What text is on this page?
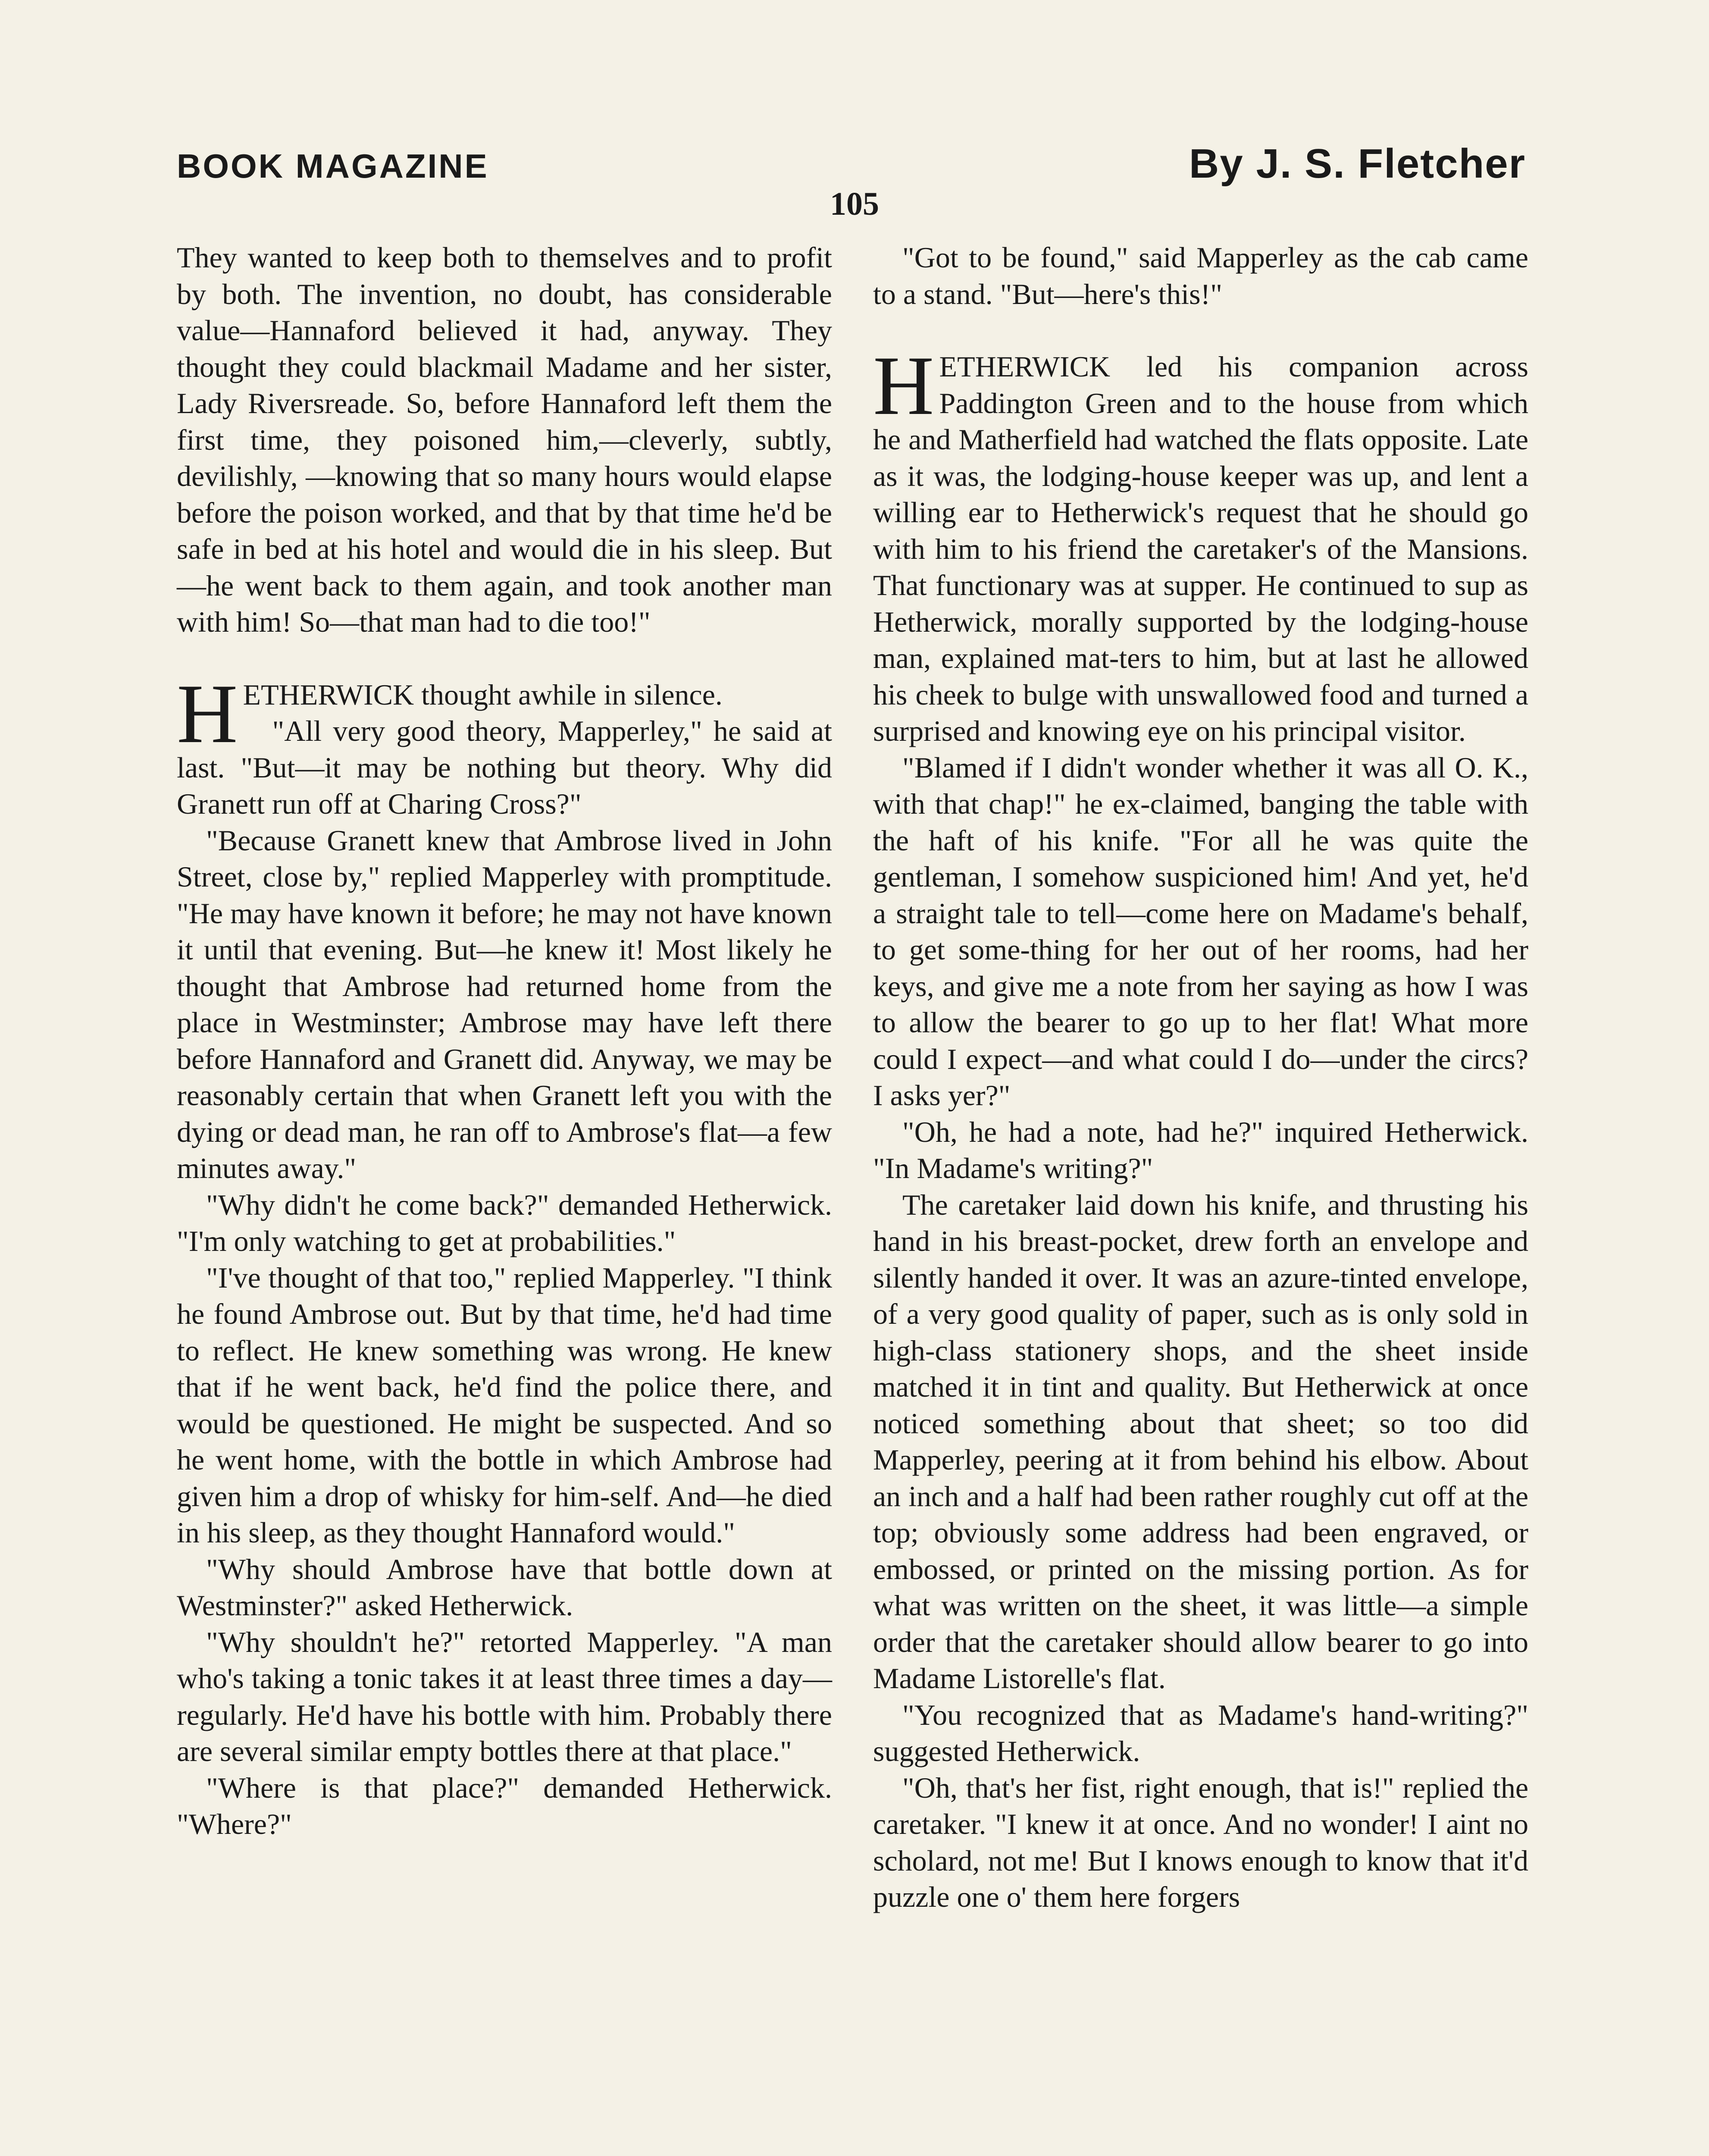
BOOK MAGAZINE	By J. S. Fletcher
105

They wanted to keep both to themselves and to profit by both. The invention, no doubt, has considerable value—Hannaford believed it had, anyway. They thought they could blackmail Madame and her sister, Lady Riversreade. So, before Hannaford left them the first time, they poisoned him,—cleverly, subtly, devilishly, —knowing that so many hours would elapse before the poison worked, and that by that time he'd be safe in bed at his hotel and would die in his sleep. But—he went back to them again, and took another man with him! So—that man had to die too!"

HETHERWICK thought awhile in silence.

"All very good theory, Mapperley," he said at last. "But—it may be nothing but theory. Why did Granett run off at Charing Cross?"

"Because Granett knew that Ambrose lived in John Street, close by," replied Mapperley with promptitude. "He may have known it before; he may not have known it until that evening. But—he knew it! Most likely he thought that Ambrose had returned home from the place in Westminster; Ambrose may have left there before Hannaford and Granett did. Anyway, we may be reasonably certain that when Granett left you with the dying or dead man, he ran off to Ambrose's flat—a few minutes away."

"Why didn't he come back?" demanded Hetherwick. "I'm only watching to get at probabilities."

"I've thought of that too," replied Mapperley. "I think he found Ambrose out. But by that time, he'd had time to reflect. He knew something was wrong. He knew that if he went back, he'd find the police there, and would be questioned. He might be suspected. And so he went home, with the bottle in which Ambrose had given him a drop of whisky for him-self. And—he died in his sleep, as they thought Hannaford would."

"Why should Ambrose have that bottle down at Westminster?" asked Hetherwick.

"Why shouldn't he?" retorted Mapperley. "A man who's taking a tonic takes it at least three times a day—regularly. He'd have his bottle with him. Probably there are several similar empty bottles there at that place."

"Where is that place?" demanded Hetherwick. "Where?"

"Got to be found," said Mapperley as the cab came to a stand. "But—here's this!"

HETHERWICK led his companion across Paddington Green and to the house from which he and Matherfield had watched the flats opposite. Late as it was, the lodging-house keeper was up, and lent a willing ear to Hetherwick's request that he should go with him to his friend the caretaker's of the Mansions. That functionary was at supper. He continued to sup as Hetherwick, morally supported by the lodging-house man, explained mat-ters to him, but at last he allowed his cheek to bulge with unswallowed food and turned a surprised and knowing eye on his principal visitor.

"Blamed if I didn't wonder whether it was all O. K., with that chap!" he ex-claimed, banging the table with the haft of his knife. "For all he was quite the gentleman, I somehow suspicioned him! And yet, he'd a straight tale to tell—come here on Madame's behalf, to get some-thing for her out of her rooms, had her keys, and give me a note from her saying as how I was to allow the bearer to go up to her flat! What more could I expect—and what could I do—under the circs? I asks yer?"

"Oh, he had a note, had he?" inquired Hetherwick. "In Madame's writing?"

The caretaker laid down his knife, and thrusting his hand in his breast-pocket, drew forth an envelope and silently handed it over. It was an azure-tinted envelope, of a very good quality of paper, such as is only sold in high-class stationery shops, and the sheet inside matched it in tint and quality. But Hetherwick at once noticed something about that sheet; so too did Mapperley, peering at it from behind his elbow. About an inch and a half had been rather roughly cut off at the top; obviously some address had been engraved, or embossed, or printed on the missing portion. As for what was written on the sheet, it was little—a simple order that the caretaker should allow bearer to go into Madame Listorelle's flat.

"You recognized that as Madame's hand-writing?" suggested Hetherwick.

"Oh, that's her fist, right enough, that is!" replied the caretaker. "I knew it at once. And no wonder! I aint no scholard, not me! But I knows enough to know that it'd puzzle one o' them here forgers
